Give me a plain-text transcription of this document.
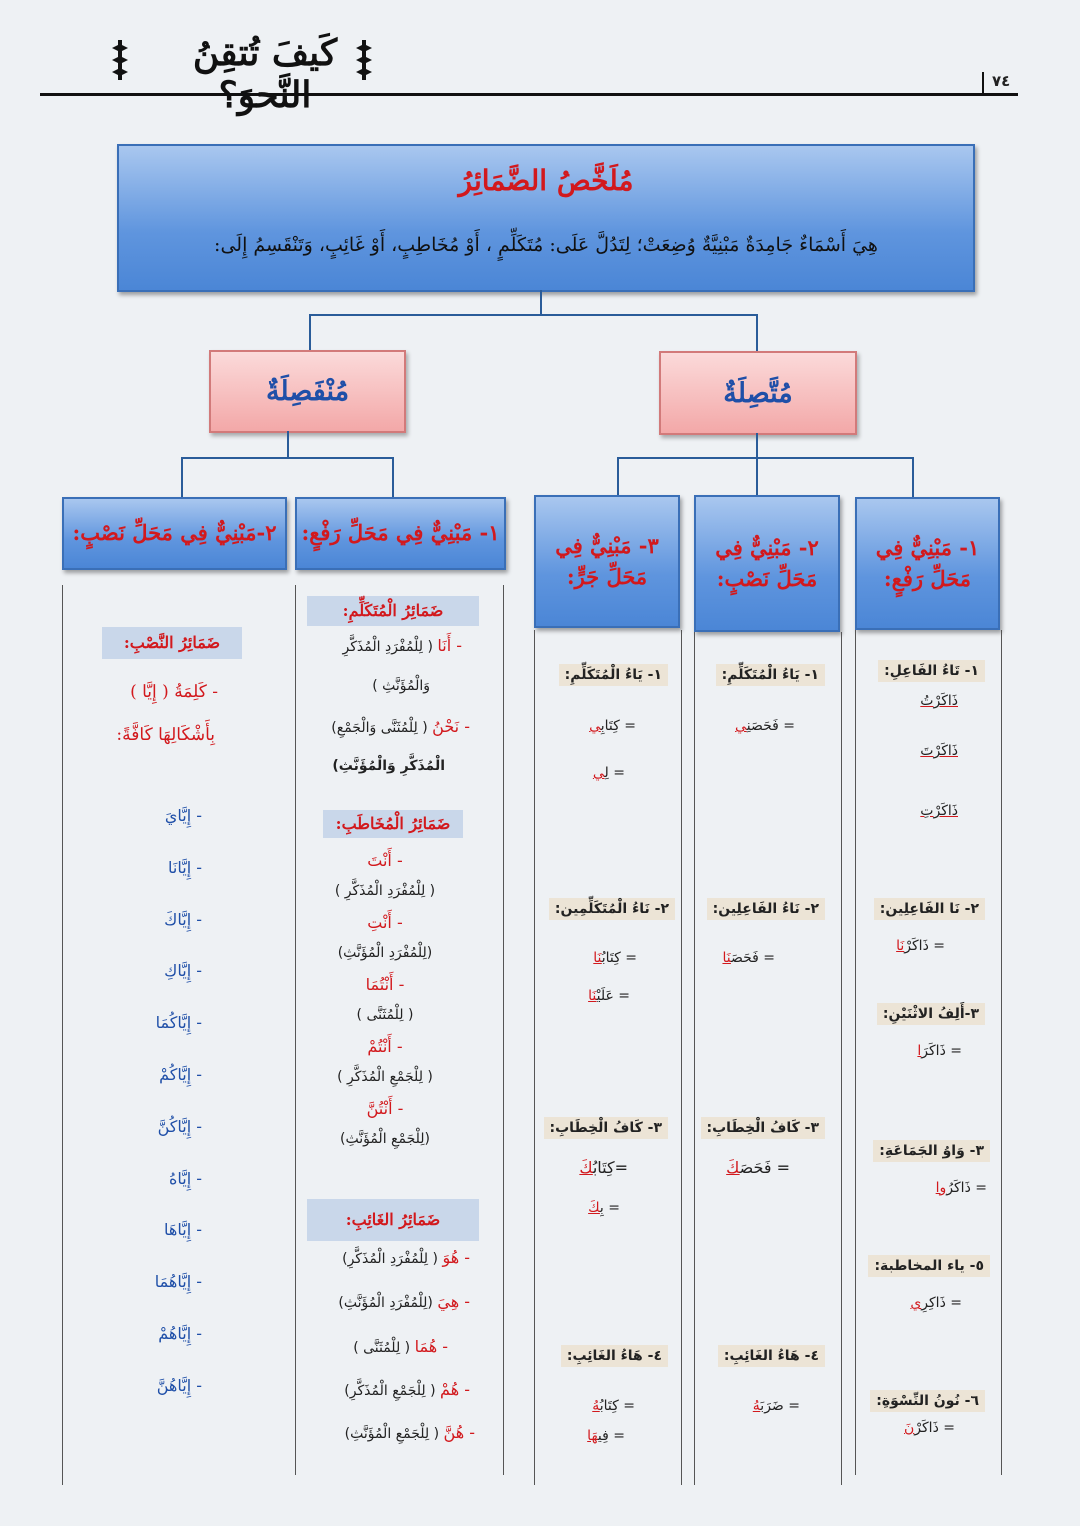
٧٤
كَيفَ تُتقِنُ النَّحوَ؟
مُلَخَّصُ الضَّمَائِرُ
هِيَ أَسْمَاءٌ جَامِدَةٌ مَبْنِيَّةٌ وُضِعَتْ؛ لِتَدُلَّ عَلَى: مُتَكَلِّمٍ ، أَوْ مُخَاطِبٍ، أَوْ غَائِبٍ، وَتَنْقَسِمُ إِلَى:
مُنْفَصِلَةٌ	مُتَّصِلَةٌ
٢-مَبْنِيٌّ فِي مَحَلِّ نَصْبٍ:	١- مَبْنِيٌّ فِي مَحَلِّ رَفْعٍ:
٣- مَبْنِيٌّ فِي مَحَلِّ جَرٍّ:
٢- مَبْنِيٌّ فِي مَحَلِّ نَصْبٍ:
١- مَبْنِيٌّ فِي مَحَلِّ رَفْعٍ:
١- تَاءُ الفَاعِلِ:
ذَاكَرْتُ
ذَاكَرْتَ
ذَاكَرْتِ
٢- نَا الفَاعِلِين:
= ذَاكَرْنَا
٣-أَلِفُ الاثْنَيْنِ:
= ذَاكَرَا
٣- وَاوُ الجَمَاعَةِ:
= ذَاكَرُوا
٥- ياء المخاطبة:
= ذَاكِرِي
٦- نُونُ النِّسْوَةِ:
= ذَاكَرْنَ
١- يَاءُ الْمُتَكَلِّمِ:
= فَحَصَنِي
٢- نَاءُ الفَاعِلِين:
= فَحَصَنَا
٣- كَافُ الْخِطَابِ:
= فَحَصَكَ
٤- هَاءُ الغَائِبِ:
= ضَرَبَهُ
١- يَاءُ الْمُتَكَلِّمِ:
= كِتَابِي
= لِي
٢- نَاءُ الْمُتَكَلِّمِين:
= كِتَابُنَا
= عَلَيْنَا
٣- كَافُ الْخِطَابِ:
=كِتَابُكَ
= بِكَ
٤- هَاءُ الغَائِبِ:
= كِتَابُهُ
= فِيهَا
ضَمَائِرُ الْمُتَكَلِّمِ:
- أَنَا ( لِلْمُفْرَدِ الْمُذَكَّرِ
وَالْمُؤَنَّثِ )
- نَحْنُ ( لِلْمُثَنَّى وَالْجَمْعِ)
الْمُذَكَّرِ وَالْمُؤَنَّثِ)
ضَمَائِرُ الْمُخَاطَبِ:
- أَنْتَ
( لِلْمُفْرَدِ الْمُذَكَّرِ )
- أَنْتِ
(لِلْمُفْرَدِ الْمُؤَنَّثِ)
- أَنْتُمَا
( لِلْمُثَنَّى )
- أَنْتُمْ
( لِلْجَمْعِ الْمُذَكَّرِ )
- أَنْتُنَّ
(لِلْجَمْعِ الْمُؤَنَّثِ)
ضَمَائِرُ الغَائِبِ:
- هُوَ ( لِلْمُفْرَدِ الْمُذَكَّرِ)
- هِيَ (لِلْمُفْرَدِ الْمُؤَنَّثِ)
- هُمَا ( لِلْمُثَنَّى )
- هُمْ ( لِلْجَمْعِ الْمُذَكَّرِ)
- هُنَّ ( لِلْجَمْعِ الْمُؤَنَّثِ)
ضَمَائِرُ النَّصْبِ:
- كَلِمَةُ ( إِيَّا )
بِأَشْكَالِهَا كَافَّةً:
- إِيَّايَ
- إِيَّانَا
- إِيَّاكَ
- إِيَّاكِ
- إِيَّاكُمَا
- إِيَّاكُمْ
- إِيَّاكُنَّ
- إِيَّاهُ
- إِيَّاهَا
- إِيَّاهُمَا
- إِيَّاهُمْ
- إِيَّاهُنَّ
